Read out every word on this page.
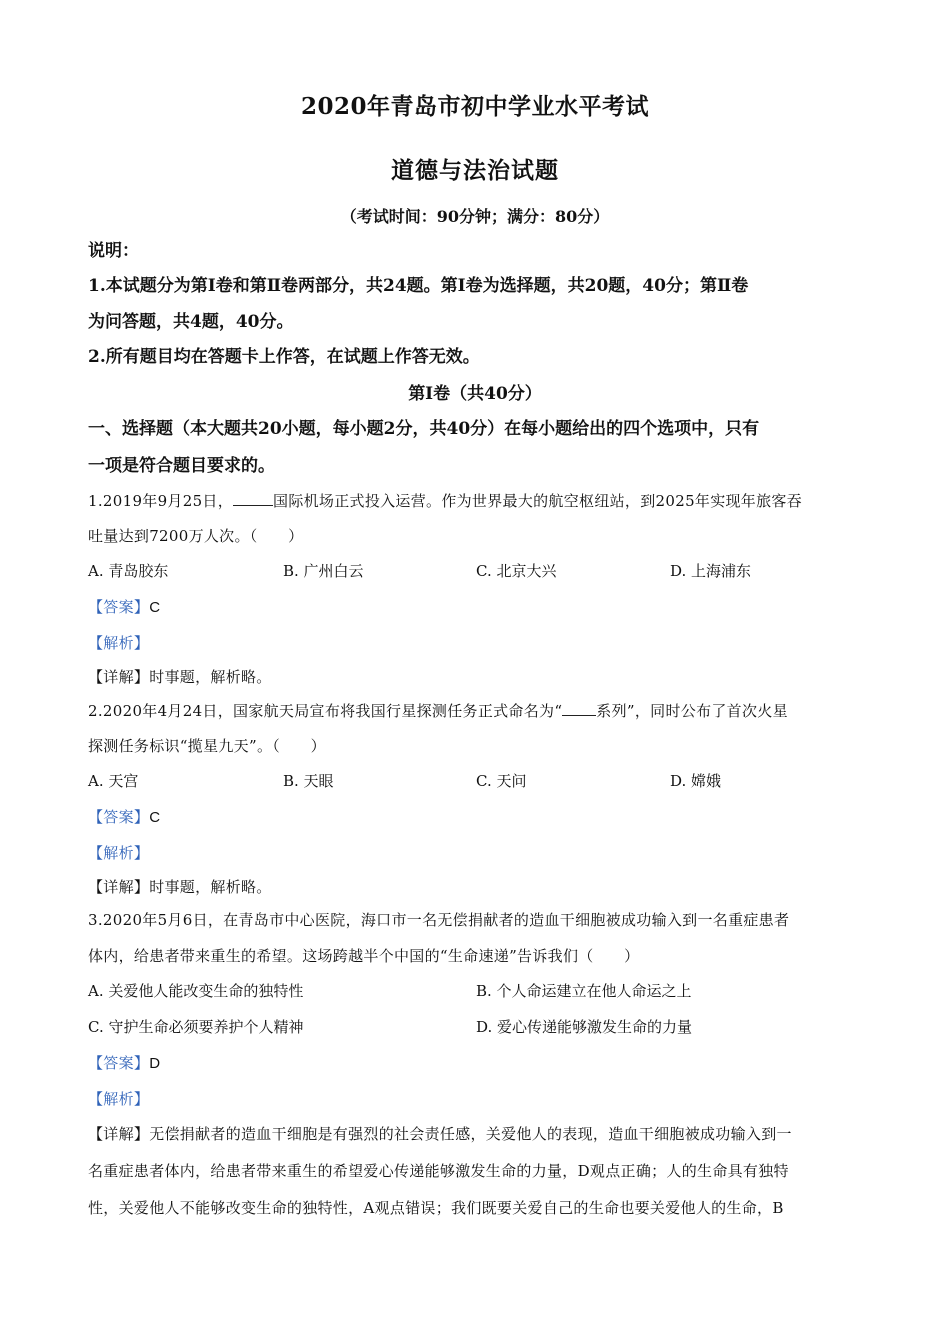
2020年青岛市初中学业水平考试
道德与法治试题
（考试时间：90分钟；满分：80分）
说明：
1.本试题分为第Ⅰ卷和第Ⅱ卷两部分，共24题。第Ⅰ卷为选择题，共20题，40分；第Ⅱ卷
为问答题，共4题，40分。
2.所有题目均在答题卡上作答，在试题上作答无效。
第Ⅰ卷（共40分）
一、选择题（本大题共20小题，每小题2分，共40分）在每小题给出的四个选项中，只有
一项是符合题目要求的。
1.2019年9月25日，	国际机场正式投入运营。作为世界最大的航空枢纽站，到2025年实现年旅客吞
吐量达到7200万人次。（　　）
A. 青岛胶东	B. 广州白云	C. 北京大兴	D. 上海浦东
【答案】C
【解析】
【详解】时事题，解析略。
2.2020年4月24日，国家航天局宣布将我国行星探测任务正式命名为“ 系列”，同时公布了首次火星
探测任务标识“揽星九天”。（　　）
A. 天宫	B. 天眼	C. 天问	D. 嫦娥
【答案】C
【解析】
【详解】时事题，解析略。
3.2020年5月6日，在青岛市中心医院，海口市一名无偿捐献者的造血干细胞被成功输入到一名重症患者
体内，给患者带来重生的希望。这场跨越半个中国的“生命速递”告诉我们（　　）
A. 关爱他人能改变生命的独特性	B. 个人命运建立在他人命运之上
C. 守护生命必须要养护个人精神	D. 爱心传递能够激发生命的力量
【答案】D
【解析】
【详解】无偿捐献者的造血干细胞是有强烈的社会责任感，关爱他人的表现，造血干细胞被成功输入到一
名重症患者体内，给患者带来重生的希望爱心传递能够激发生命的力量，D观点正确；人的生命具有独特
性，关爱他人不能够改变生命的独特性，A观点错误；我们既要关爱自己的生命也要关爱他人的生命，B
